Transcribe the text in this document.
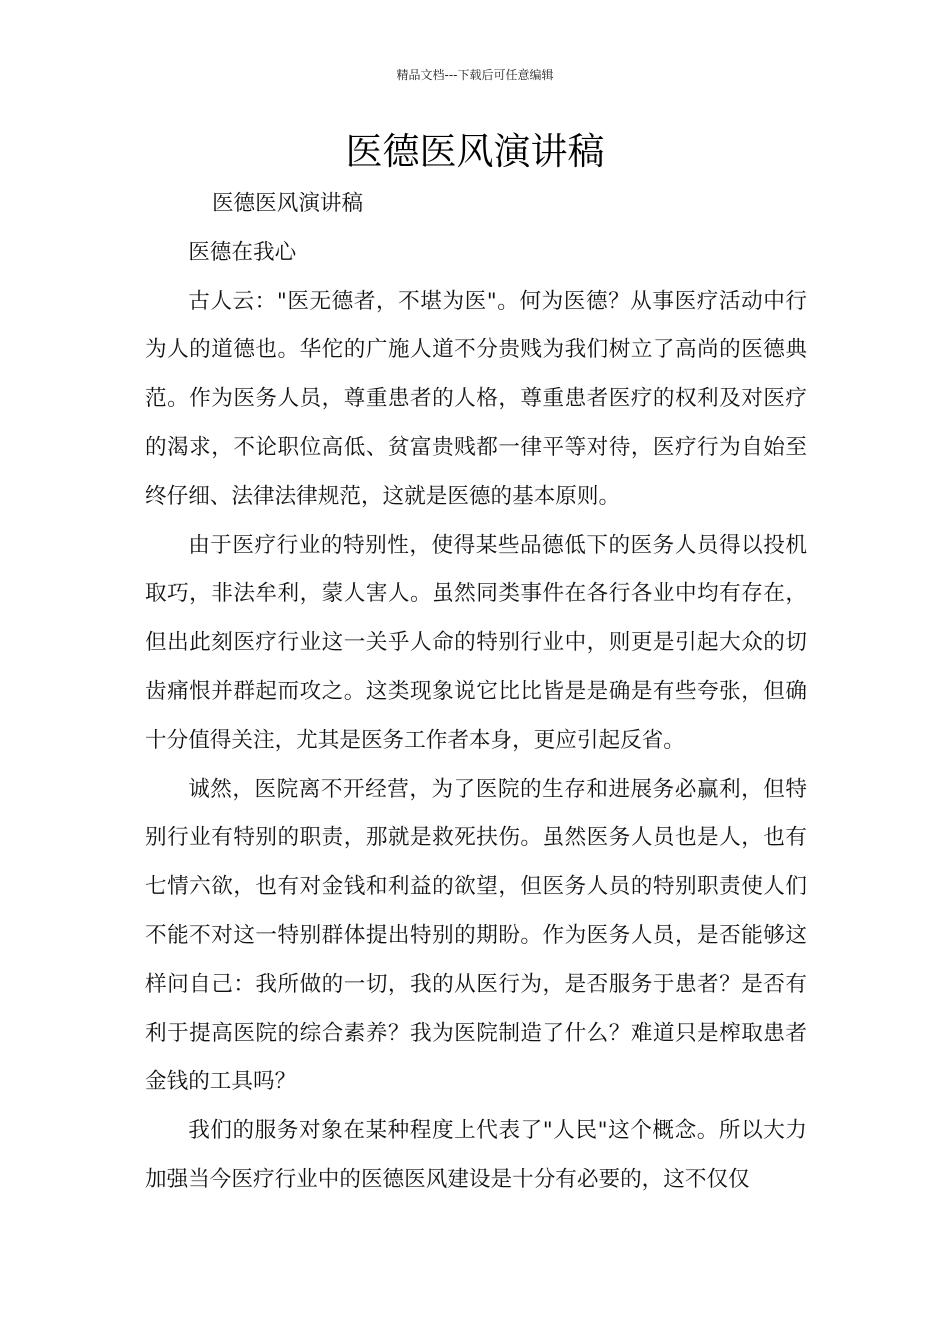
精品文档---下载后可任意编辑
医德医风演讲稿

医德医风演讲稿

医德在我心

古人云："医无德者，不堪为医"。何为医德？从事医疗活动中行为人的道德也。华佗的广施人道不分贵贱为我们树立了高尚的医德典范。作为医务人员，尊重患者的人格，尊重患者医疗的权利及对医疗的渴求，不论职位高低、贫富贵贱都一律平等对待，医疗行为自始至终仔细、法律法律规范，这就是医德的基本原则。

由于医疗行业的特别性，使得某些品德低下的医务人员得以投机取巧，非法牟利，蒙人害人。虽然同类事件在各行各业中均有存在，但出此刻医疗行业这一关乎人命的特别行业中，则更是引起大众的切齿痛恨并群起而攻之。这类现象说它比比皆是是确是有些夸张，但确十分值得关注，尤其是医务工作者本身，更应引起反省。

诚然，医院离不开经营，为了医院的生存和进展务必赢利，但特别行业有特别的职责，那就是救死扶伤。虽然医务人员也是人，也有七情六欲，也有对金钱和利益的欲望，但医务人员的特别职责使人们不能不对这一特别群体提出特别的期盼。作为医务人员，是否能够这样问自己：我所做的一切，我的从医行为，是否服务于患者？是否有利于提高医院的综合素养？我为医院制造了什么？难道只是榨取患者金钱的工具吗？

我们的服务对象在某种程度上代表了"人民"这个概念。所以大力加强当今医疗行业中的医德医风建设是十分有必要的，这不仅仅
